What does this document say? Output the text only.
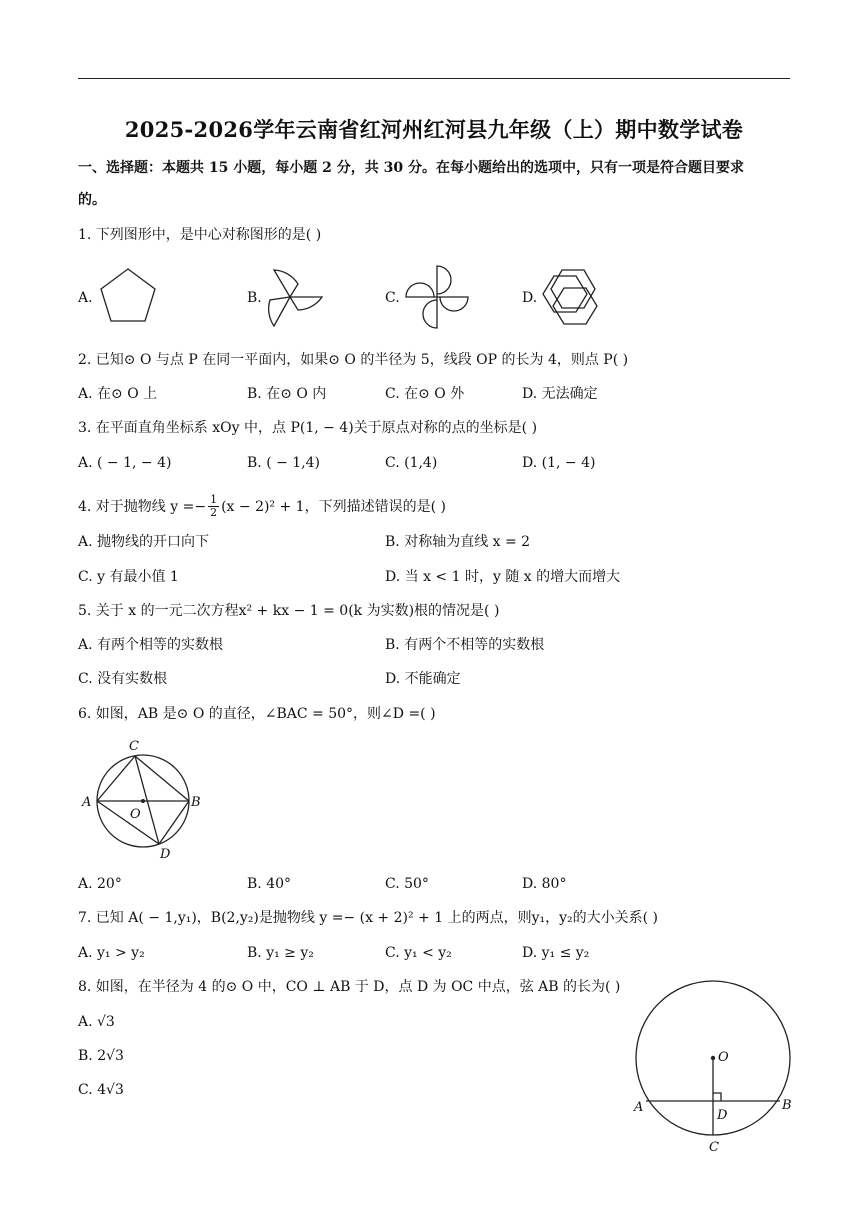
2025-2026学年云南省红河州红河县九年级（上）期中数学试卷
一、选择题：本题共 15 小题，每小题 2 分，共 30 分。在每小题给出的选项中，只有一项是符合题目要求
的。
1. 下列图形中，是中心对称图形的是( )
A.	B.	C.	D.
2. 已知⊙ O 与点 P 在同一平面内，如果⊙ O 的半径为 5，线段 OP 的长为 4，则点 P( )
A. 在⊙ O 上	B. 在⊙ O 内	C. 在⊙ O 外	D. 无法确定
3. 在平面直角坐标系 xOy 中，点 P(1, − 4)关于原点对称的点的坐标是( )
A. ( − 1, − 4)	B. ( − 1,4)	C. (1,4)	D. (1, − 4)
4. 对于抛物线 $y =- \frac{1}{2} (x - 2)^2 + 1$，下列描述错误的是( )
A. 抛物线的开口向下	B. 对称轴为直线 x = 2
C. y 有最小值 1	D. 当 x < 1 时，y 随 x 的增大而增大
5. 关于 x 的一元二次方程x² + kx − 1 = 0(k 为实数)根的情况是( )
A. 有两个相等的实数根	B. 有两个不相等的实数根
C. 没有实数根	D. 不能确定
6. 如图，AB 是⊙ O 的直径，∠BAC = 50°，则∠D =( )
C
A	B
O
D
A. 20°	B. 40°	C. 50°	D. 80°
7. 已知 A( − 1,y₁)，B(2,y₂)是抛物线 y =− (x + 2)² + 1 上的两点，则y₁，y₂的大小关系( )
A. y₁ > y₂	B. y₁ ≥ y₂	C. y₁ < y₂	D. y₁ ≤ y₂
8. 如图，在半径为 4 的⊙ O 中，CO ⊥ AB 于 D，点 D 为 OC 中点，弦 AB 的长为( )
A. √3
B. 2√3
C. 4√3
O
A	B
D
C
